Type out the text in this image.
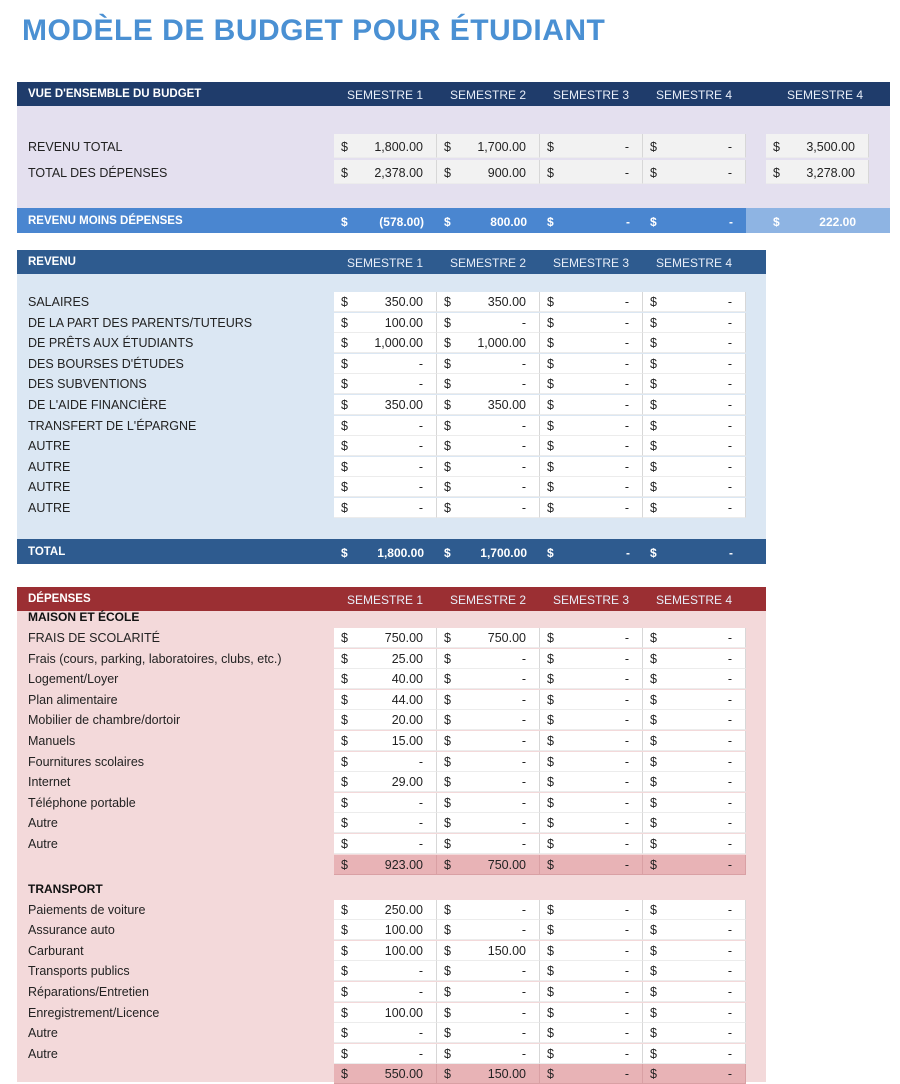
MODÈLE DE BUDGET POUR ÉTUDIANT
VUE D'ENSEMBLE DU BUDGET	SEMESTRE 1	SEMESTRE 2	SEMESTRE 3	SEMESTRE 4	SEMESTRE 4
REVENU TOTAL	$ 1,800.00 $ 1,700.00 $	- $	-	$ 3,500.00
TOTAL DES DÉPENSES	$ 2,378.00 $	900.00 $	- $	-	$ 3,278.00
REVENU MOINS DÉPENSES	$	(578.00) $	800.00 $	- $	-	$	222.00
REVENU	SEMESTRE 1	SEMESTRE 2	SEMESTRE 3	SEMESTRE 4
SALAIRES	$	350.00 $	350.00 $	- $	-
DE LA PART DES PARENTS/TUTEURS	$	100.00 $	- $	- $	-
DE PRÊTS AUX ÉTUDIANTS	$ 1,000.00 $ 1,000.00 $	- $	-
DES BOURSES D'ÉTUDES	$	- $	- $	- $	-
DES SUBVENTIONS	$	- $	- $	- $	-
DE L'AIDE FINANCIÈRE	$	350.00 $	350.00 $	- $	-
TRANSFERT DE L'ÉPARGNE	$	- $	- $	- $	-
AUTRE	$	- $	- $	- $	-
AUTRE	$	- $	- $	- $	-
AUTRE	$	- $	- $	- $	-
AUTRE	$	- $	- $	- $	-
TOTAL	$ 1,800.00 $ 1,700.00 $	- $	-
DÉPENSES	SEMESTRE 1	SEMESTRE 2	SEMESTRE 3	SEMESTRE 4
MAISON ET ÉCOLE
FRAIS DE SCOLARITÉ	$	750.00 $	750.00 $	- $	-
Frais (cours, parking, laboratoires, clubs, etc.)	$	25.00 $	- $	- $	-
Logement/Loyer	$	40.00 $	- $	- $	-
Plan alimentaire	$	44.00 $	- $	- $	-
Mobilier de chambre/dortoir	$	20.00 $	- $	- $	-
Manuels	$	15.00 $	- $	- $	-
Fournitures scolaires	$	- $	- $	- $	-
Internet	$	29.00 $	- $	- $	-
Téléphone portable	$	- $	- $	- $	-
Autre	$	- $	- $	- $	-
Autre	$	- $	- $	- $	-
$	923.00 $	750.00 $	- $	-
TRANSPORT
Paiements de voiture	$	250.00 $	- $	- $	-
Assurance auto	$	100.00 $	- $	- $	-
Carburant	$	100.00 $	150.00 $	- $	-
Transports publics	$	- $	- $	- $	-
Réparations/Entretien	$	- $	- $	- $	-
Enregistrement/Licence	$	100.00 $	- $	- $	-
Autre	$	- $	- $	- $	-
Autre	$	- $	- $	- $	-
$	550.00 $	150.00 $	- $	-
